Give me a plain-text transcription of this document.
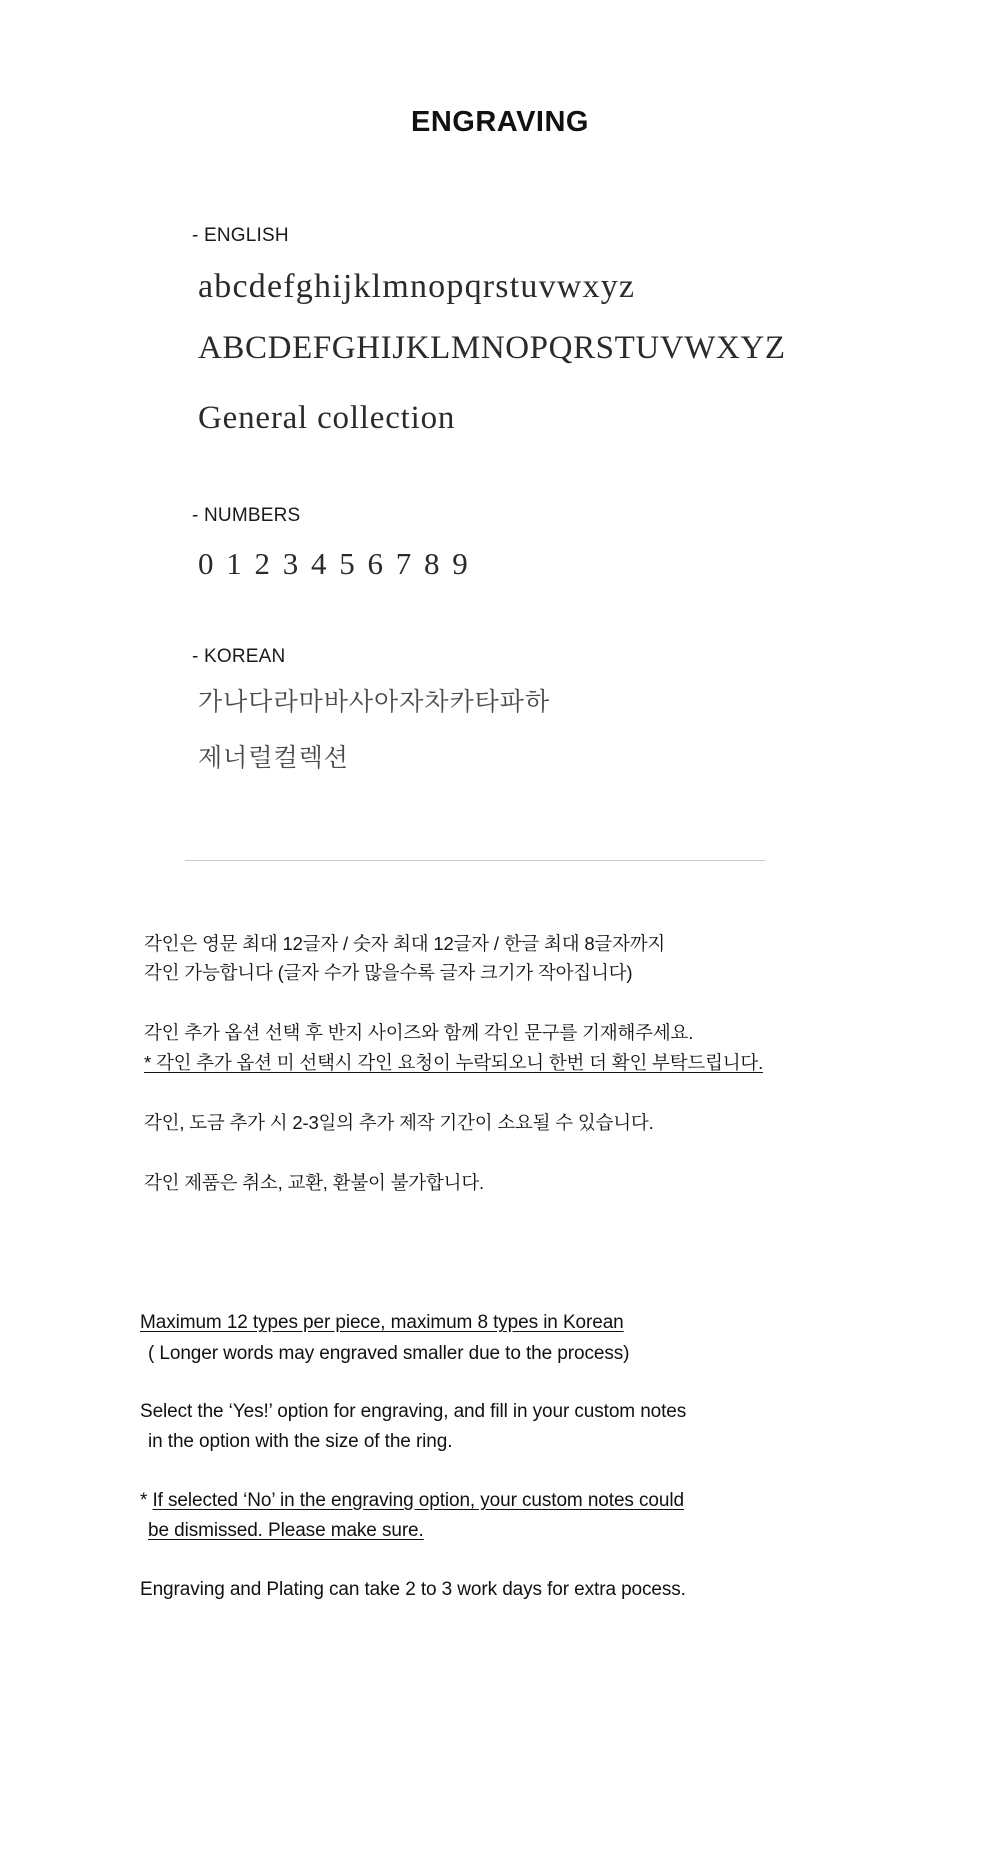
ENGRAVING
- ENGLISH
abcdefghijklmnopqrstuvwxyz
ABCDEFGHIJKLMNOPQRSTUVWXYZ
General collection
- NUMBERS
0 1 2 3 4 5 6 7 8 9
- KOREAN
가나다라마바사아자차카타파하
제너럴컬렉션

각인은 영문 최대 12글자 / 숫자 최대 12글자 / 한글 최대 8글자까지

각인 가능합니다 (글자 수가 많을수록 글자 크기가 작아집니다)

각인 추가 옵션 선택 후 반지 사이즈와 함께 각인 문구를 기재해주세요.

* 각인 추가 옵션 미 선택시 각인 요청이 누락되오니 한번 더 확인 부탁드립니다.

각인, 도금 추가 시 2-3일의 추가 제작 기간이 소요될 수 있습니다.

각인 제품은 취소, 교환, 환불이 불가합니다.

Maximum 12 types per piece, maximum 8 types in Korean

( Longer words may engraved smaller due to the process)

Select the ‘Yes!’ option for engraving, and fill in your custom notes

in the option with the size of the ring.

* If selected ‘No’ in the engraving option, your custom notes could

be dismissed. Please make sure.

Engraving and Plating can take 2 to 3 work days for extra pocess.
